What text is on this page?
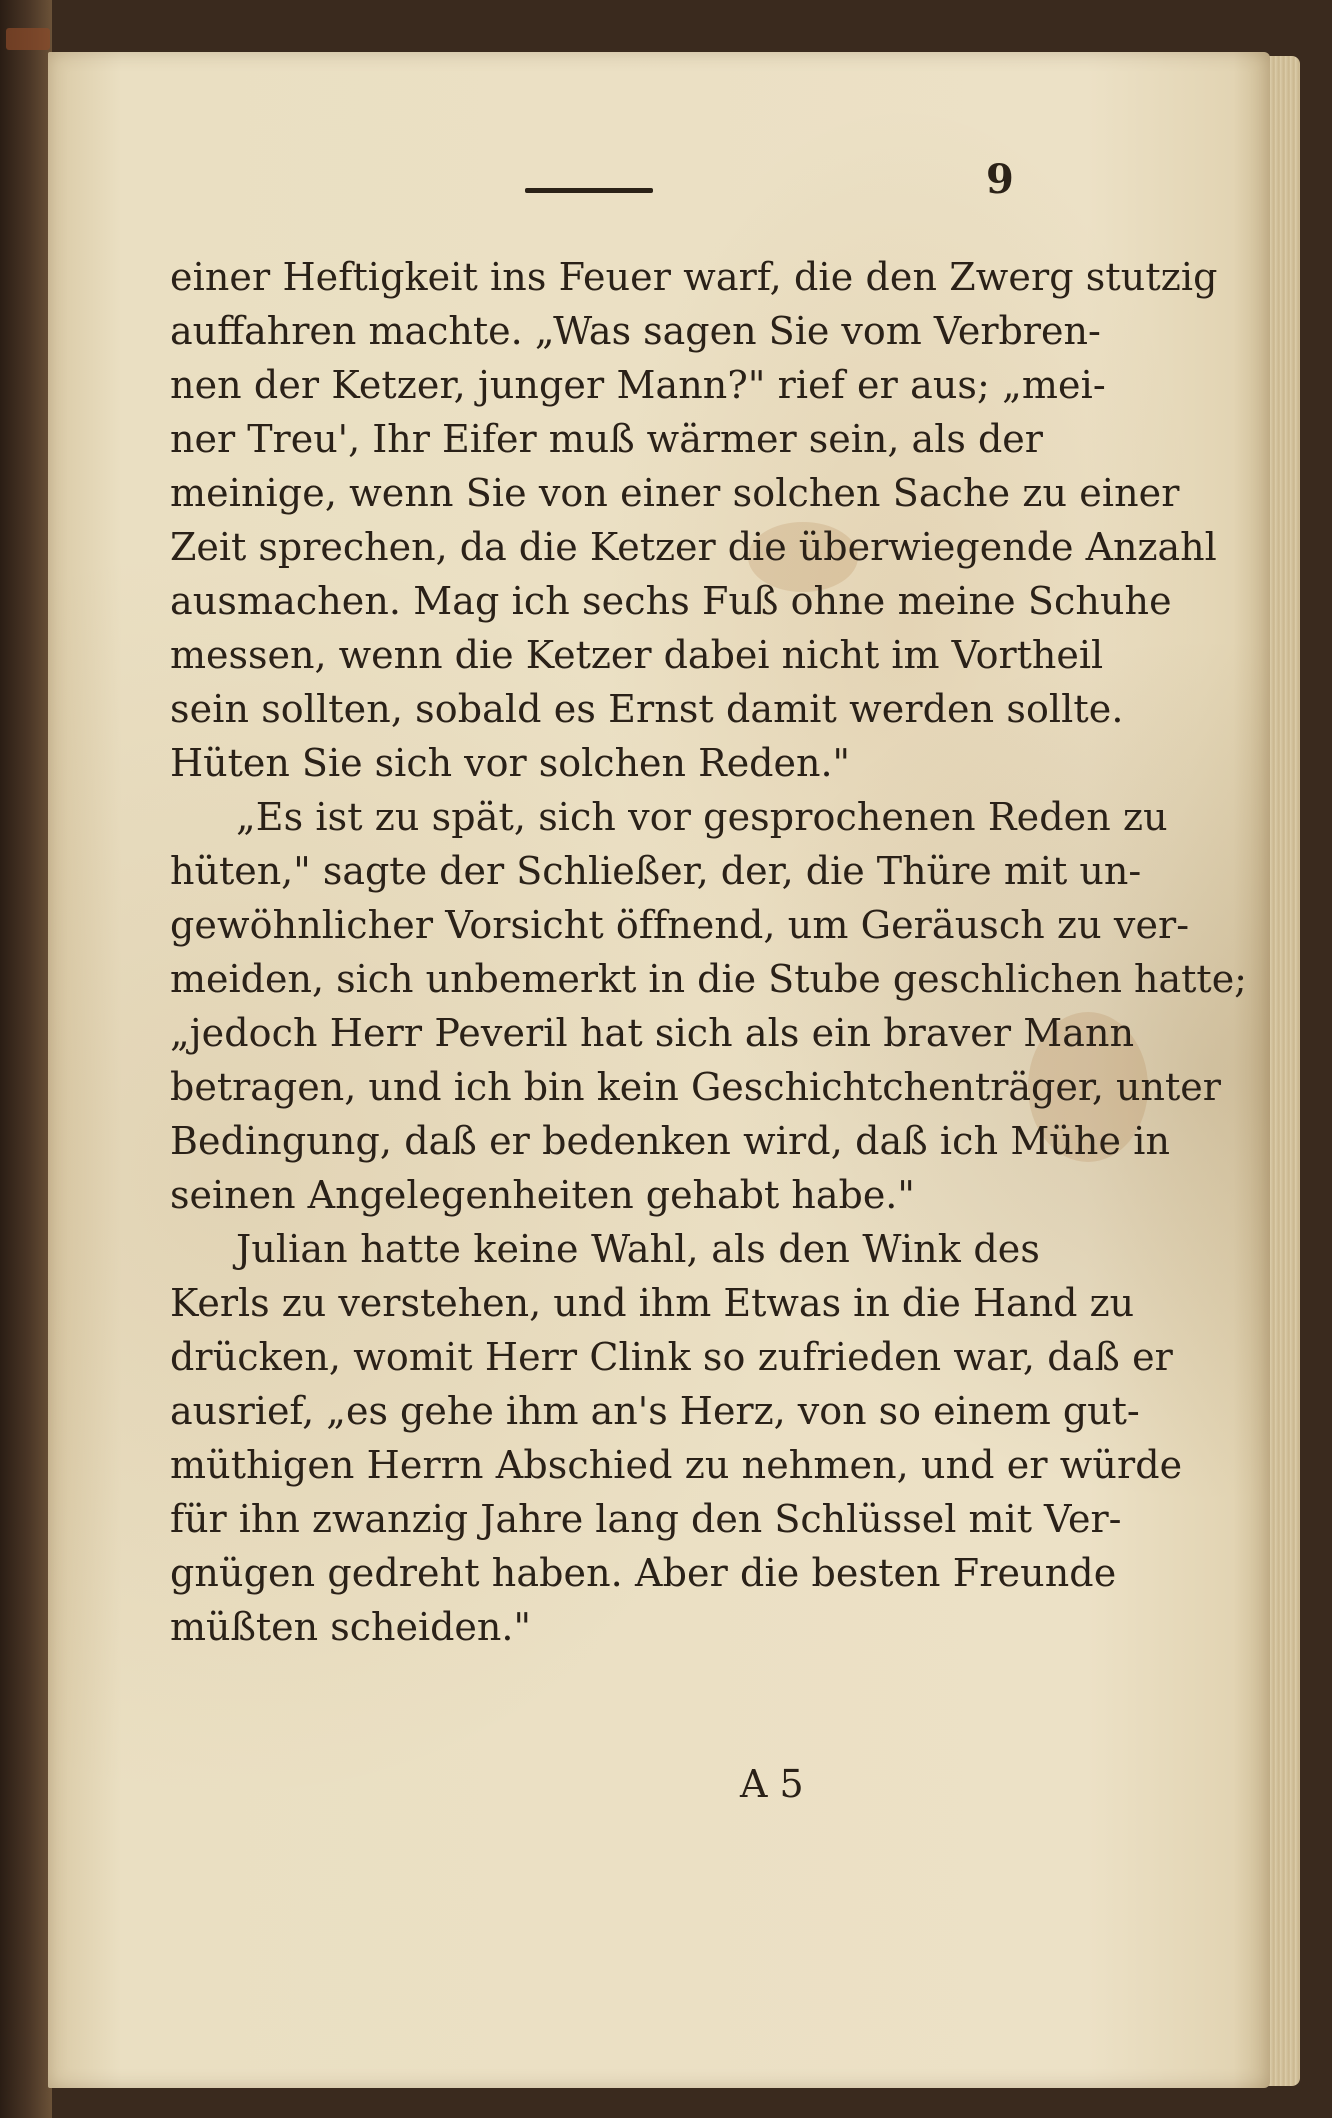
9
einer Heftigkeit ins Feuer warf, die den Zwerg stutzig
auffahren machte. „Was sagen Sie vom Verbren-
nen der Ketzer, junger Mann?" rief er aus; „mei-
ner Treu', Ihr Eifer muß wärmer sein, als der
meinige, wenn Sie von einer solchen Sache zu einer
Zeit sprechen, da die Ketzer die überwiegende Anzahl
ausmachen. Mag ich sechs Fuß ohne meine Schuhe
messen, wenn die Ketzer dabei nicht im Vortheil
sein sollten, sobald es Ernst damit werden sollte.
Hüten Sie sich vor solchen Reden."
„Es ist zu spät, sich vor gesprochenen Reden zu
hüten," sagte der Schließer, der, die Thüre mit un-
gewöhnlicher Vorsicht öffnend, um Geräusch zu ver-
meiden, sich unbemerkt in die Stube geschlichen hatte;
„jedoch Herr Peveril hat sich als ein braver Mann
betragen, und ich bin kein Geschichtchenträger, unter
Bedingung, daß er bedenken wird, daß ich Mühe in
seinen Angelegenheiten gehabt habe."
Julian hatte keine Wahl, als den Wink des
Kerls zu verstehen, und ihm Etwas in die Hand zu
drücken, womit Herr Clink so zufrieden war, daß er
ausrief, „es gehe ihm an's Herz, von so einem gut-
müthigen Herrn Abschied zu nehmen, und er würde
für ihn zwanzig Jahre lang den Schlüssel mit Ver-
gnügen gedreht haben. Aber die besten Freunde
müßten scheiden."
A 5
